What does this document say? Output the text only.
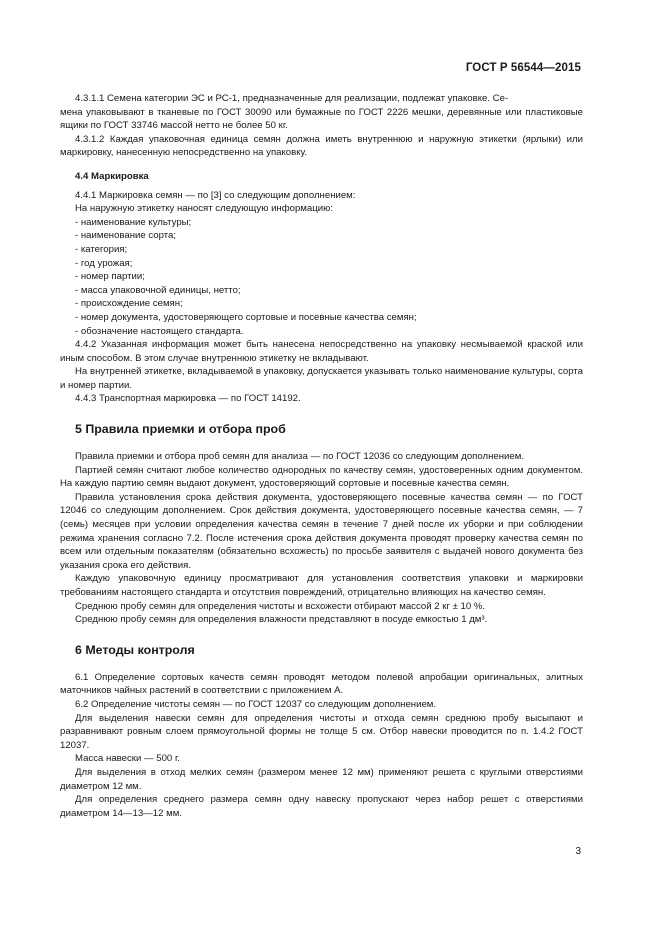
ГОСТ Р 56544—2015

4.3.1.1 Семена категории ЭС и РС-1, предназначенные для реализации, подлежат упаковке. Се-

мена упаковывают в тканевые по ГОСТ 30090 или бумажные по ГОСТ 2226 мешки, деревянные или пластиковые ящики по ГОСТ 33746 массой нетто не более 50 кг.

4.3.1.2 Каждая упаковочная единица семян должна иметь внутреннюю и наружную этикетки (ярлыки) или маркировку, нанесенную непосредственно на упаковку.

4.4 Маркировка

4.4.1 Маркировка семян — по [3] со следующим дополнением:

На наружную этикетку наносят следующую информацию:

- наименование культуры;

- наименование сорта;

- категория;

- год урожая;

- номер партии;

- масса упаковочной единицы, нетто;

- происхождение семян;

- номер документа, удостоверяющего сортовые и посевные качества семян;

- обозначение настоящего стандарта.

4.4.2 Указанная информация может быть нанесена непосредственно на упаковку несмываемой краской или иным способом. В этом случае внутреннюю этикетку не вкладывают.

На внутренней этикетке, вкладываемой в упаковку, допускается указывать только наименование культуры, сорта и номер партии.

4.4.3 Транспортная маркировка — по ГОСТ 14192.

5 Правила приемки и отбора проб

Правила приемки и отбора проб семян для анализа — по ГОСТ 12036 со следующим дополнением.

Партией семян считают любое количество однородных по качеству семян, удостоверенных одним документом. На каждую партию семян выдают документ, удостоверяющий сортовые и посевные качества семян.

Правила установления срока действия документа, удостоверяющего посевные качества семян — по ГОСТ 12046 со следующим дополнением. Срок действия документа, удостоверяющего посевные качества семян, — 7 (семь) месяцев при условии определения качества семян в течение 7 дней после их уборки и при соблюдении режима хранения согласно 7.2. После истечения срока действия документа проводят проверку качества семян по всем или отдельным показателям (обязательно всхожесть) по просьбе заявителя с выдачей нового документа без указания срока его действия.

Каждую упаковочную единицу просматривают для установления соответствия упаковки и маркировки требованиям настоящего стандарта и отсутствия повреждений, отрицательно влияющих на качество семян.

Среднюю пробу семян для определения чистоты и всхожести отбирают массой 2 кг ± 10 %.

Среднюю пробу семян для определения влажности представляют в посуде емкостью 1 дм³.

6 Методы контроля

6.1 Определение сортовых качеств семян проводят методом полевой апробации оригинальных, элитных маточников чайных растений в соответствии с приложением А.

6.2 Определение чистоты семян — по ГОСТ 12037 со следующим дополнением.

Для выделения навески семян для определения чистоты и отхода семян среднюю пробу высыпают и разравнивают ровным слоем прямоугольной формы не толще 5 см. Отбор навески проводится по п. 1.4.2 ГОСТ 12037.

Масса навески — 500 г.

Для выделения в отход мелких семян (размером менее 12 мм) применяют решета с круглыми отверстиями диаметром 12 мм.

Для определения среднего размера семян одну навеску пропускают через набор решет с отверстиями диаметром 14—13—12 мм.

3
